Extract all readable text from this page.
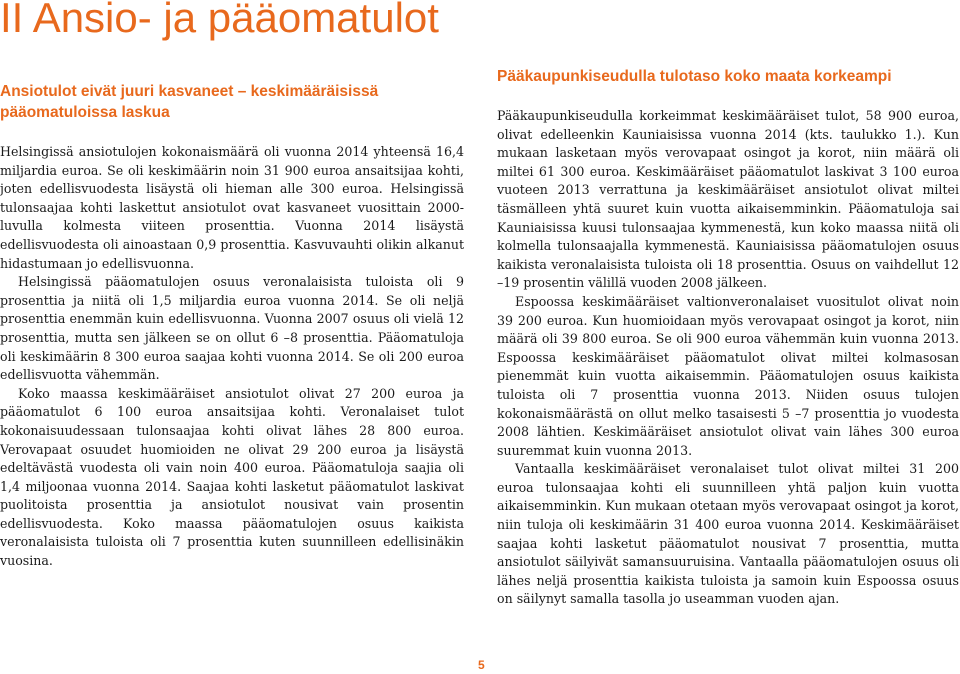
II Ansio- ja pääomatulot
Ansiotulot eivät juuri kasvaneet – keskimääräisissä pääomatuloissa laskua

Helsingissä ansiotulojen kokonaismäärä oli vuonna 2014 yhteensä 16,4 miljardia euroa. Se oli keskimäärin noin 31 900 euroa ansaitsijaa kohti, joten edellisvuodesta lisäystä oli hieman alle 300 euroa. Helsingissä tulonsaajaa kohti laskettut ansiotulot ovat kasvaneet vuosittain 2000-luvulla kolmesta viiteen prosenttia. Vuonna 2014 lisäystä edellisvuodesta oli ainoastaan 0,9 prosenttia. Kasvuvauhti olikin alkanut hidastumaan jo edellisvuonna.

Helsingissä pääomatulojen osuus veronalaisista tuloista oli 9 prosenttia ja niitä oli 1,5 miljardia euroa vuonna 2014. Se oli neljä prosenttia enemmän kuin edellisvuonna. Vuonna 2007 osuus oli vielä 12 prosenttia, mutta sen jälkeen se on ollut 6 –8 prosenttia. Pääomatuloja oli keskimäärin 8 300 euroa saajaa kohti vuonna 2014. Se oli 200 euroa edellisvuotta vähemmän.

Koko maassa keskimääräiset ansiotulot olivat 27 200 euroa ja pääomatulot 6 100 euroa ansaitsijaa kohti. Veronalaiset tulot kokonaisuudessaan tulonsaajaa kohti olivat lähes 28 800 euroa. Verovapaat osuudet huomioiden ne olivat 29 200 euroa ja lisäystä edeltävästä vuodesta oli vain noin 400 euroa. Pääomatuloja saajia oli 1,4 miljoonaa vuonna 2014. Saajaa kohti lasketut pääomatulot laskivat puolitoista prosenttia ja ansiotulot nousivat vain prosentin edellisvuodesta. Koko maassa pääomatulojen osuus kaikista veronalaisista tuloista oli 7 prosenttia kuten suunnilleen edellisinäkin vuosina.

Pääkaupunkiseudulla tulotaso koko maata korkeampi

Pääkaupunkiseudulla korkeimmat keskimääräiset tulot, 58 900 euroa, olivat edelleenkin Kauniaisissa vuonna 2014 (kts. taulukko 1.). Kun mukaan lasketaan myös verovapaat osingot ja korot, niin määrä oli miltei 61 300 euroa. Keskimääräiset pääomatulot laskivat 3 100 euroa vuoteen 2013 verrattuna ja keskimääräiset ansiotulot olivat miltei täsmälleen yhtä suuret kuin vuotta aikaisemminkin. Pääomatuloja sai Kauniaisissa kuusi tulonsaajaa kymmenestä, kun koko maassa niitä oli kolmella tulonsaajalla kymmenestä. Kauniaisissa pääomatulojen osuus kaikista veronalaisista tuloista oli 18 prosenttia. Osuus on vaihdellut 12 –19 prosentin välillä vuoden 2008 jälkeen.

Espoossa keskimääräiset valtionveronalaiset vuositulot olivat noin 39 200 euroa. Kun huomioidaan myös verovapaat osingot ja korot, niin määrä oli 39 800 euroa. Se oli 900 euroa vähemmän kuin vuonna 2013. Espoossa keskimääräiset pääomatulot olivat miltei kolmasosan pienemmät kuin vuotta aikaisemmin. Pääomatulojen osuus kaikista tuloista oli 7 prosenttia vuonna 2013. Niiden osuus tulojen kokonaismäärästä on ollut melko tasaisesti 5 –7 prosenttia jo vuodesta 2008 lähtien. Keskimääräiset ansiotulot olivat vain lähes 300 euroa suuremmat kuin vuonna 2013.

Vantaalla keskimääräiset veronalaiset tulot olivat miltei 31 200 euroa tulonsaajaa kohti eli suunnilleen yhtä paljon kuin vuotta aikaisemminkin. Kun mukaan otetaan myös verovapaat osingot ja korot, niin tuloja oli keskimäärin 31 400 euroa vuonna 2014. Keskimääräiset saajaa kohti lasketut pääomatulot nousivat 7 prosenttia, mutta ansiotulot säilyivät samansuuruisina. Vantaalla pääomatulojen osuus oli lähes neljä prosenttia kaikista tuloista ja samoin kuin Espoossa osuus on säilynyt samalla tasolla jo useamman vuoden ajan.

5
